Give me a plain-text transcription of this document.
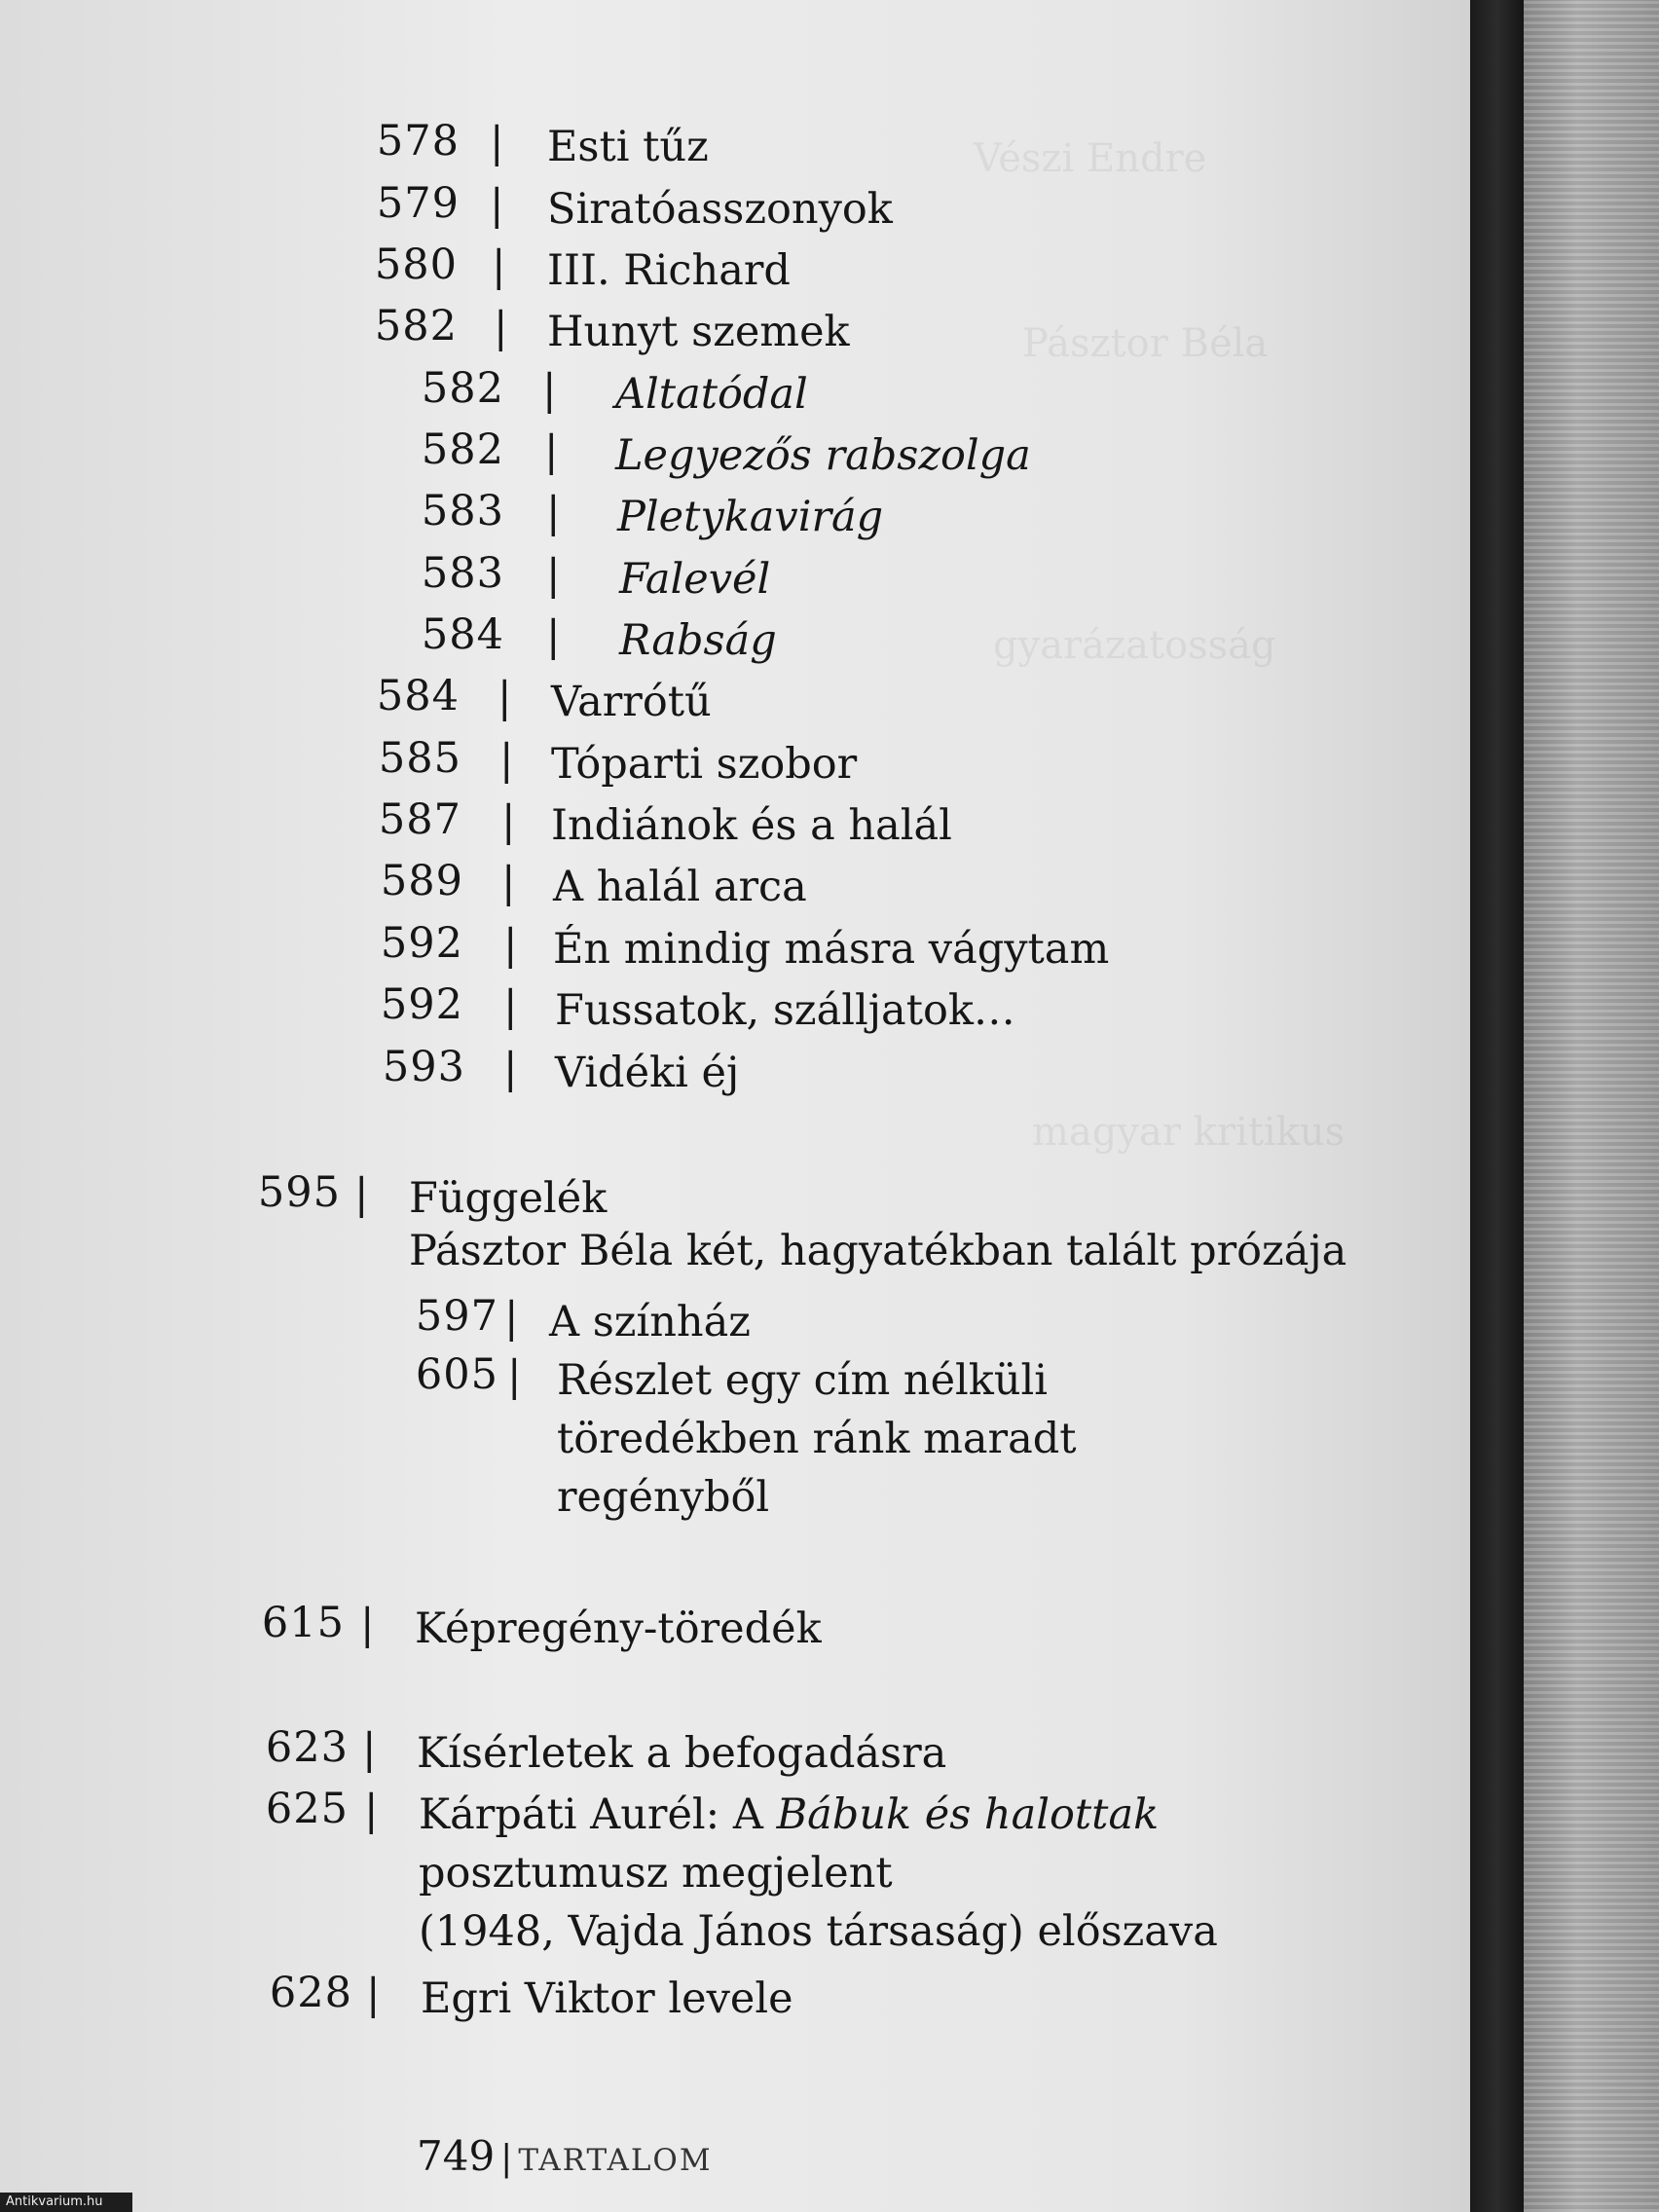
Vészi Endre
Pásztor Béla
gyarázatosság
magyar kritikus
578 | Esti tűz
579 | Siratóasszonyok
580 | III. Richard
582 | Hunyt szemek
582 | Altatódal
582 | Legyezős rabszolga
583 | Pletykavirág
583 | Falevél
584 | Rabság
584 | Varrótű
585 | Tóparti szobor
587 | Indiánok és a halál
589 | A halál arca
592 | Én mindig másra vágytam
592 | Fussatok, szálljatok…
593 | Vidéki éj
595 | Függelék
Pásztor Béla két, hagyatékban talált prózája
597 | A színház
605 | Részlet egy cím nélküli
töredékben ránk maradt
regényből
615 | Képregény-töredék
623 | Kísérletek a befogadásra
625 | Kárpáti Aurél: A Bábuk és halottak
posztumusz megjelent
(1948, Vajda János társaság) előszava
628 | Egri Viktor levele
749 | TARTALOM
Antikvarium.hu
